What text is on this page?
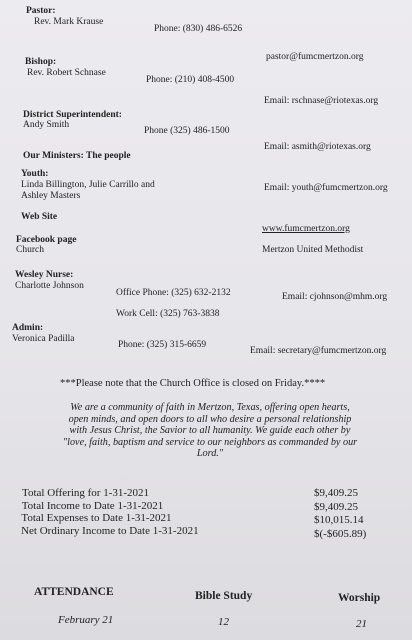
Pastor:
Rev. Mark Krause
Phone: (830) 486-6526
pastor@fumcmertzon.org
Bishop:
Rev. Robert Schnase
Phone: (210) 408-4500
Email: rschnase@riotexas.org
District Superintendent:
Andy Smith
Phone (325) 486-1500
Email: asmith@riotexas.org
Our Ministers: The people
Youth:
Linda Billington, Julie Carrillo and	Email: youth@fumcmertzon.org
Ashley Masters
Web Site
www.fumcmertzon.org
Facebook page
Church	Mertzon United Methodist
Wesley Nurse:
Charlotte Johnson
Office Phone: (325) 632-2132	Email: cjohnson@mhm.org
Work Cell: (325) 763-3838
Admin:
Veronica Padilla
Phone: (325) 315-6659
Email: secretary@fumcmertzon.org
***Please note that the Church Office is closed on Friday.****
We are a community of faith in Mertzon, Texas, offering open hearts, open minds, and open doors to all who desire a personal relationship with Jesus Christ, the Savior to all humanity. We guide each other by "love, faith, baptism and service to our neighbors as commanded by our Lord."
Total Offering for 1-31-2021	$9,409.25
Total Income to Date 1-31-2021	$9,409.25
Total Expenses to Date 1-31-2021	$10,015.14
Net Ordinary Income to Date 1-31-2021	$(-$605.89)
ATTENDANCE	Bible Study	Worship
February 21	12	21
